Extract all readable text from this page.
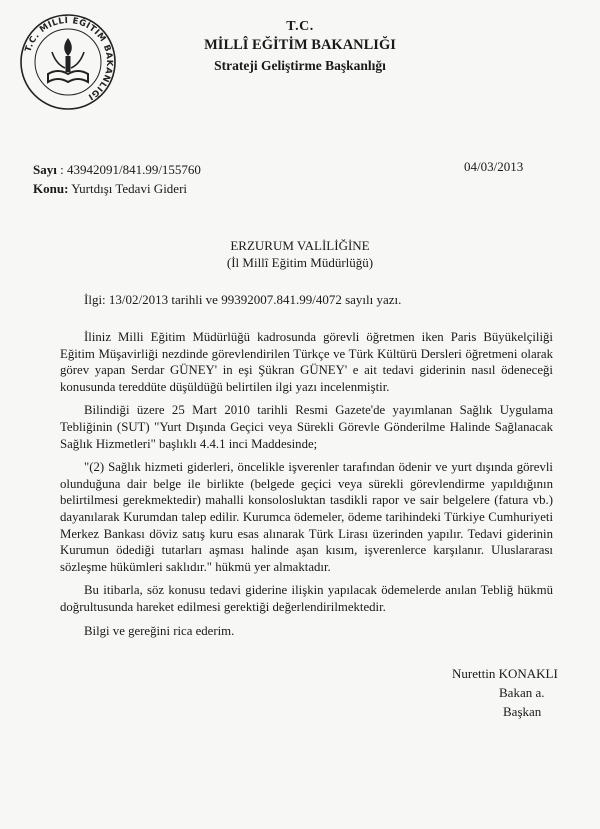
T.C. MİLLÎ EĞİTİM BAKANLIĞI
T.C.
MİLLÎ EĞİTİM BAKANLIĞI
Strateji Geliştirme Başkanlığı
Sayı : 43942091/841.99/155760
Konu: Yurtdışı Tedavi Gideri
04/03/2013
ERZURUM VALİLİĞİNE
(İl Millî Eğitim Müdürlüğü)
İlgi: 13/02/2013 tarihli ve 99392007.841.99/4072 sayılı yazı.

İliniz Milli Eğitim Müdürlüğü kadrosunda görevli öğretmen iken Paris Büyükelçiliği Eğitim Müşavirliği nezdinde görevlendirilen Türkçe ve Türk Kültürü Dersleri öğretmeni olarak görev yapan Serdar GÜNEY' in eşi Şükran GÜNEY' e ait tedavi giderinin nasıl ödeneceği konusunda tereddüte düşüldüğü belirtilen ilgi yazı incelenmiştir.

Bilindiği üzere 25 Mart 2010 tarihli Resmi Gazete'de yayımlanan Sağlık Uygulama Tebliğinin (SUT) "Yurt Dışında Geçici veya Sürekli Görevle Gönderilme Halinde Sağlanacak Sağlık Hizmetleri" başlıklı 4.4.1 inci Maddesinde;

"(2) Sağlık hizmeti giderleri, öncelikle işverenler tarafından ödenir ve yurt dışında görevli olunduğuna dair belge ile birlikte (belgede geçici veya sürekli görevlendirme yapıldığının belirtilmesi gerekmektedir) mahalli konsolosluktan tasdikli rapor ve sair belgelere (fatura vb.) dayanılarak Kurumdan talep edilir. Kurumca ödemeler, ödeme tarihindeki Türkiye Cumhuriyeti Merkez Bankası döviz satış kuru esas alınarak Türk Lirası üzerinden yapılır. Tedavi giderinin Kurumun ödediği tutarları aşması halinde aşan kısım, işverenlerce karşılanır. Uluslararası sözleşme hükümleri saklıdır." hükmü yer almaktadır.

Bu itibarla, söz konusu tedavi giderine ilişkin yapılacak ödemelerde anılan Tebliğ hükmü doğrultusunda hareket edilmesi gerektiği değerlendirilmektedir.

Bilgi ve gereğini rica ederim.

Nurettin KONAKLI
Bakan a.
Başkan
